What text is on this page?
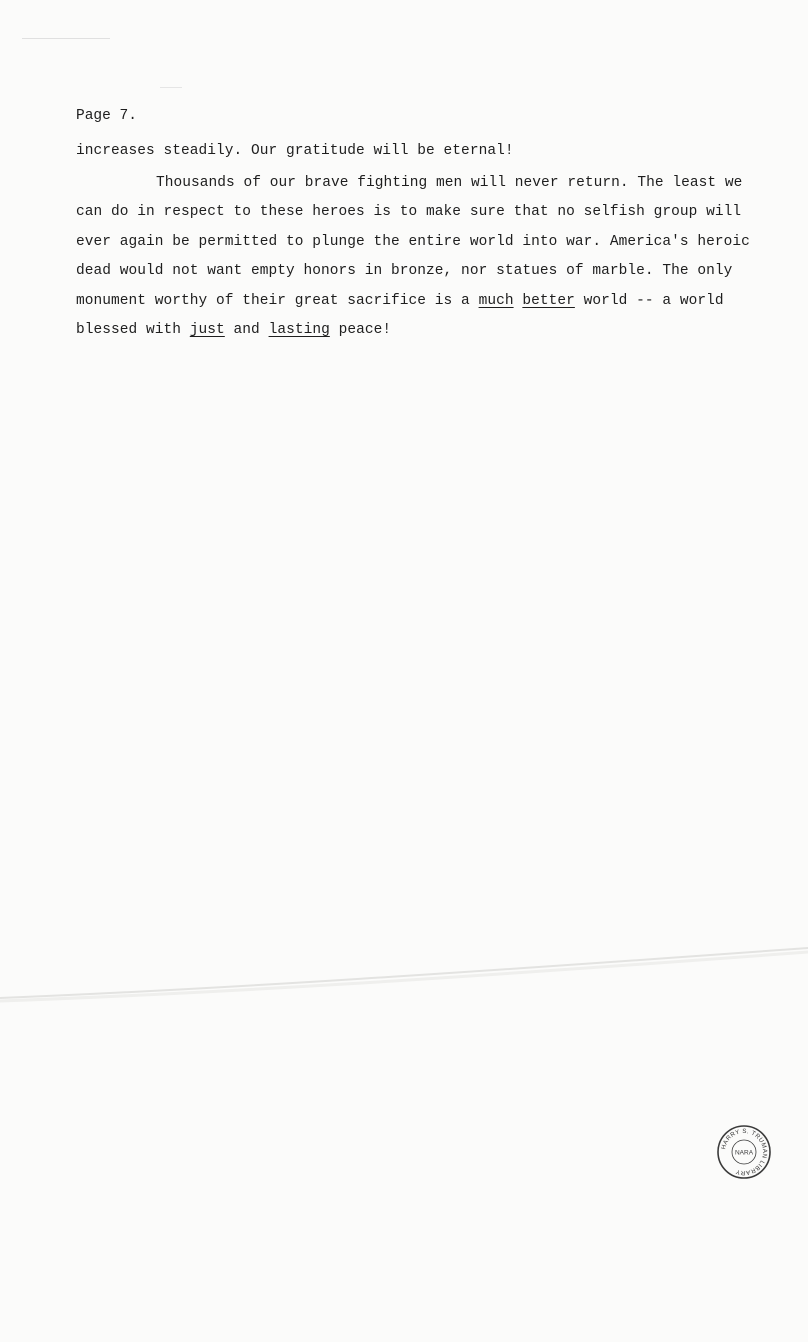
Page 7.
increases steadily. Our gratitude will be eternal!
Thousands of our brave fighting men will never return. The least we
can do in respect to these heroes is to make sure that no selfish group will
ever again be permitted to plunge the entire world into war. America's heroic
dead would not want empty honors in bronze, nor statues of marble. The only
monument worthy of their great sacrifice is a much better world -- a world
blessed with just and lasting peace!
HARRY S. TRUMAN LIBRARY
NARA
